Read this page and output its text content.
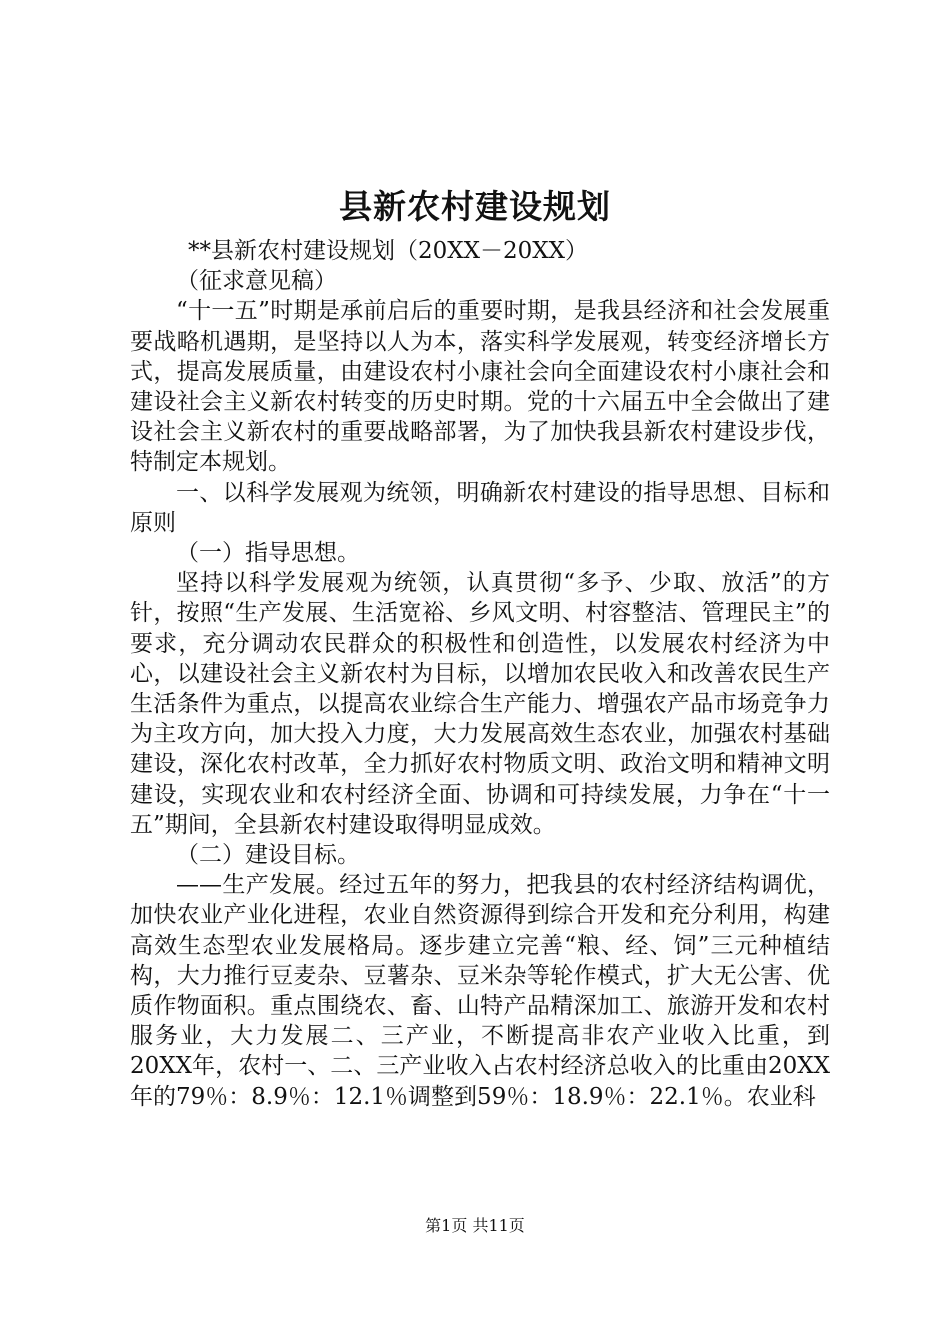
县新农村建设规划

**县新农村建设规划（20XX－20XX）

（征求意见稿）

“十一五”时期是承前启后的重要时期，是我县经济和社会发展重要战略机遇期，是坚持以人为本，落实科学发展观，转变经济增长方式，提高发展质量，由建设农村小康社会向全面建设农村小康社会和建设社会主义新农村转变的历史时期。党的十六届五中全会做出了建设社会主义新农村的重要战略部署，为了加快我县新农村建设步伐，特制定本规划。

一、以科学发展观为统领，明确新农村建设的指导思想、目标和原则

（一）指导思想。

坚持以科学发展观为统领，认真贯彻“多予、少取、放活”的方针，按照“生产发展、生活宽裕、乡风文明、村容整洁、管理民主”的要求，充分调动农民群众的积极性和创造性，以发展农村经济为中心，以建设社会主义新农村为目标，以增加农民收入和改善农民生产生活条件为重点，以提高农业综合生产能力、增强农产品市场竞争力为主攻方向，加大投入力度，大力发展高效生态农业，加强农村基础建设，深化农村改革，全力抓好农村物质文明、政治文明和精神文明建设，实现农业和农村经济全面、协调和可持续发展，力争在“十一五”期间，全县新农村建设取得明显成效。

（二）建设目标。

——生产发展。经过五年的努力，把我县的农村经济结构调优，加快农业产业化进程，农业自然资源得到综合开发和充分利用，构建高效生态型农业发展格局。逐步建立完善“粮、经、饲”三元种植结构，大力推行豆麦杂、豆薯杂、豆米杂等轮作模式，扩大无公害、优质作物面积。重点围绕农、畜、山特产品精深加工、旅游开发和农村服务业，大力发展二、三产业，不断提高非农产业收入比重，到20XX年，农村一、二、三产业收入占农村经济总收入的比重由20XX年的79％：8.9％：12.1％调整到59％：18.9％：22.1％。农业科

第1页 共11页
